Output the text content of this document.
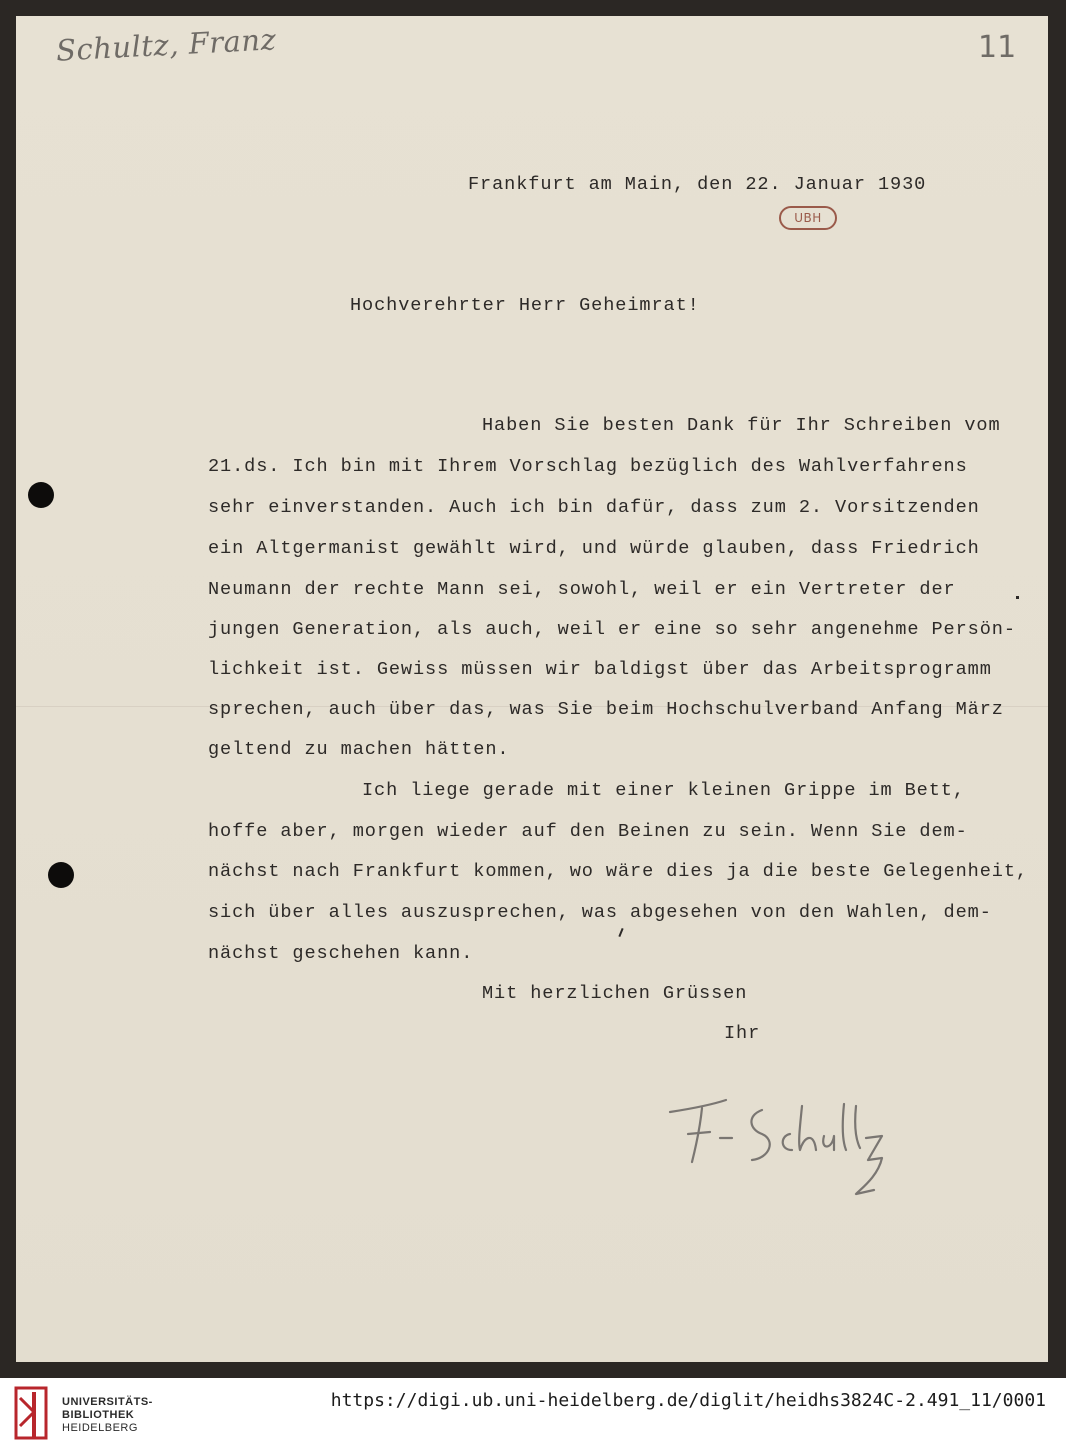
Schultz, Franz	11
Frankfurt am Main, den 22. Januar 1930
UBH
Hochverehrter Herr Geheimrat!
Haben Sie besten Dank für Ihr Schreiben vom
21.ds. Ich bin mit Ihrem Vorschlag bezüglich des Wahlverfahrens
sehr einverstanden. Auch ich bin dafür, dass zum 2. Vorsitzenden
ein Altgermanist gewählt wird, und würde glauben, dass Friedrich
Neumann der rechte Mann sei, sowohl, weil er ein Vertreter der
jungen Generation, als auch, weil er eine so sehr angenehme Persön-
lichkeit ist. Gewiss müssen wir baldigst über das Arbeitsprogramm
sprechen, auch über das, was Sie beim Hochschulverband Anfang März
geltend zu machen hätten.
Ich liege gerade mit einer kleinen Grippe im Bett,
hoffe aber, morgen wieder auf den Beinen zu sein. Wenn Sie dem-
nächst nach Frankfurt kommen, wo wäre dies ja die beste Gelegenheit,
sich über alles auszusprechen, was abgesehen von den Wahlen, dem-
nächst geschehen kann.
Mit herzlichen Grüssen
Ihr
UNIVERSITÄTS-
BIBLIOTHEK
HEIDELBERG
https://digi.ub.uni-heidelberg.de/diglit/heidhs3824C-2.491_11/0001
